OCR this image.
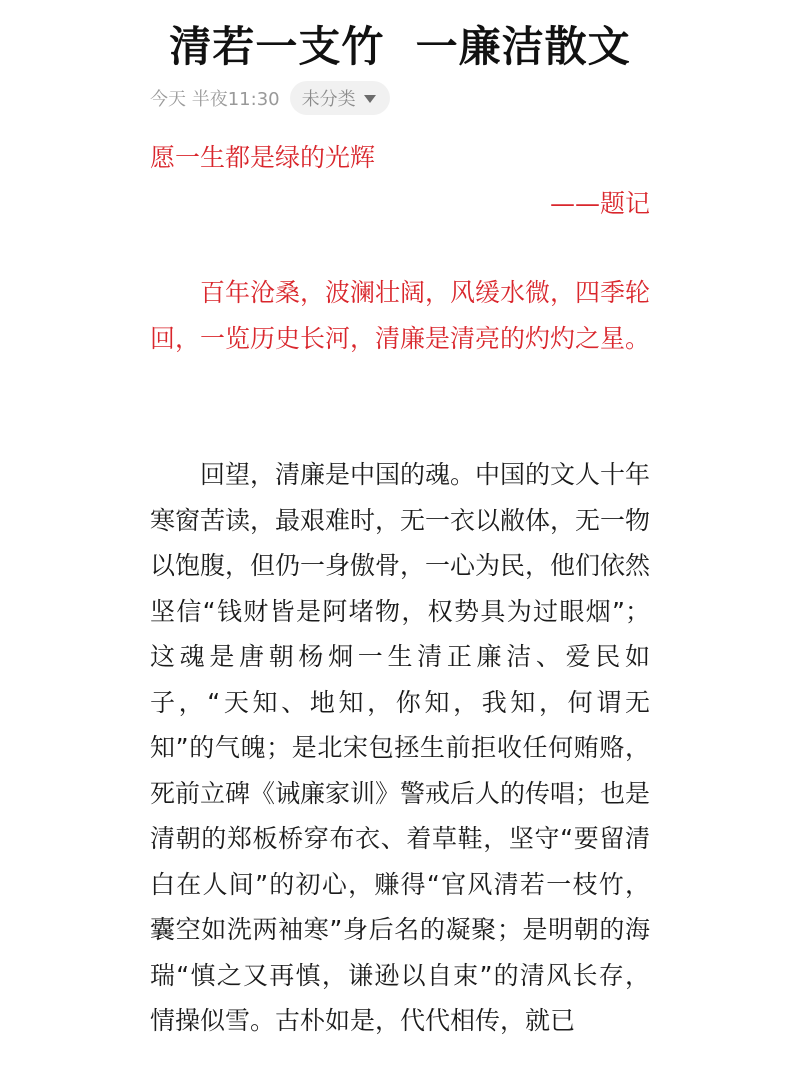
清若一支竹  一廉洁散文
今天 半夜11:30 未分类
愿一生都是绿的光辉
——题记

百年沧桑，波澜壮阔，风缓水微，四季轮回，一览历史长河，清廉是清亮的灼灼之星。

回望，清廉是中国的魂。中国的文人十年寒窗苦读，最艰难时，无一衣以敝体，无一物以饱腹，但仍一身傲骨，一心为民，他们依然坚信“钱财皆是阿堵物，权势具为过眼烟”；这魂是唐朝杨炯一生清正廉洁、爱民如子，“天知、地知，你知，我知，何谓无知”的气魄；是北宋包拯生前拒收任何贿赂，死前立碑《诫廉家训》警戒后人的传唱；也是清朝的郑板桥穿布衣、着草鞋，坚守“要留清白在人间”的初心，赚得“官风清若一枝竹，囊空如洗两袖寒”身后名的凝聚；是明朝的海瑞“慎之又再慎，谦逊以自束”的清风长存，情操似雪。古朴如是，代代相传，就已
